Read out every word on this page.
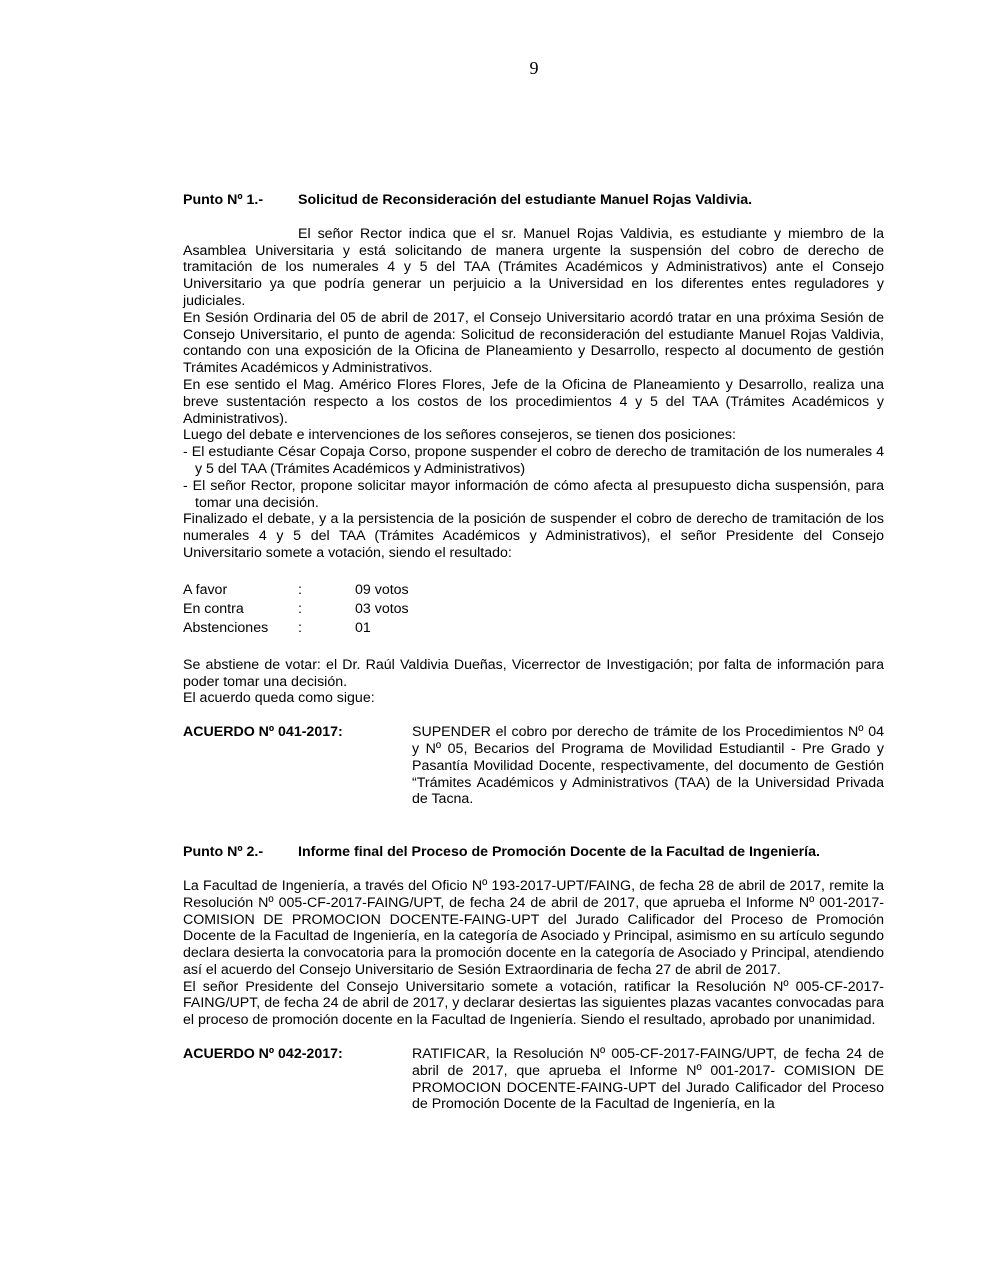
9
Punto Nº 1.-	Solicitud de Reconsideración del estudiante Manuel Rojas Valdivia.

El señor Rector indica que el sr. Manuel Rojas Valdivia, es estudiante y miembro de la Asamblea Universitaria y está solicitando de manera urgente la suspensión del cobro de derecho de tramitación de los numerales 4 y 5 del TAA (Trámites Académicos y Administrativos) ante el Consejo Universitario ya que podría generar un perjuicio a la Universidad en los diferentes entes reguladores y judiciales.

En Sesión Ordinaria del 05 de abril de 2017, el Consejo Universitario acordó tratar en una próxima Sesión de Consejo Universitario, el punto de agenda: Solicitud de reconsideración del estudiante Manuel Rojas Valdivia, contando con una exposición de la Oficina de Planeamiento y Desarrollo, respecto al documento de gestión Trámites Académicos y Administrativos.

En ese sentido el Mag. Américo Flores Flores, Jefe de la Oficina de Planeamiento y Desarrollo, realiza una breve sustentación respecto a los costos de los procedimientos 4 y 5 del TAA (Trámites Académicos y Administrativos).

Luego del debate e intervenciones de los señores consejeros, se tienen dos posiciones:

- El estudiante César Copaja Corso, propone suspender el cobro de derecho de tramitación de los numerales 4 y 5 del TAA (Trámites Académicos y Administrativos)
- El señor Rector, propone solicitar mayor información de cómo afecta al presupuesto dicha suspensión, para tomar una decisión.

Finalizado el debate, y a la persistencia de la posición de suspender el cobro de derecho de tramitación de los numerales 4 y 5 del TAA (Trámites Académicos y Administrativos), el señor Presidente del Consejo Universitario somete a votación, siendo el resultado:

A favor	:	09 votos
En contra	:	03 votos
Abstenciones	:	01

Se abstiene de votar: el Dr. Raúl Valdivia Dueñas, Vicerrector de Investigación; por falta de información para poder tomar una decisión.

El acuerdo queda como sigue:

ACUERDO Nº 041-2017:	SUPENDER el cobro por derecho de trámite de los Procedimientos Nº 04 y Nº 05, Becarios del Programa de Movilidad Estudiantil - Pre Grado y Pasantía Movilidad Docente, respectivamente, del documento de Gestión “Trámites Académicos y Administrativos (TAA) de la Universidad Privada de Tacna.
Punto Nº 2.-	Informe final del Proceso de Promoción Docente de la Facultad de Ingeniería.

La Facultad de Ingeniería, a través del Oficio Nº 193-2017-UPT/FAING, de fecha 28 de abril de 2017, remite la Resolución Nº 005-CF-2017-FAING/UPT, de fecha 24 de abril de 2017, que aprueba el Informe Nº 001-2017- COMISION DE PROMOCION DOCENTE-FAING-UPT del Jurado Calificador del Proceso de Promoción Docente de la Facultad de Ingeniería, en la categoría de Asociado y Principal, asimismo en su artículo segundo declara desierta la convocatoria para la promoción docente en la categoría de Asociado y Principal, atendiendo así el acuerdo del Consejo Universitario de Sesión Extraordinaria de fecha 27 de abril de 2017.

El señor Presidente del Consejo Universitario somete a votación, ratificar la Resolución Nº 005-CF-2017-FAING/UPT, de fecha 24 de abril de 2017, y declarar desiertas las siguientes plazas vacantes convocadas para el proceso de promoción docente en la Facultad de Ingeniería. Siendo el resultado, aprobado por unanimidad.

ACUERDO Nº 042-2017:	RATIFICAR, la Resolución Nº 005-CF-2017-FAING/UPT, de fecha 24 de abril de 2017, que aprueba el Informe Nº 001-2017- COMISION DE PROMOCION DOCENTE-FAING-UPT del Jurado Calificador del Proceso de Promoción Docente de la Facultad de Ingeniería, en la
